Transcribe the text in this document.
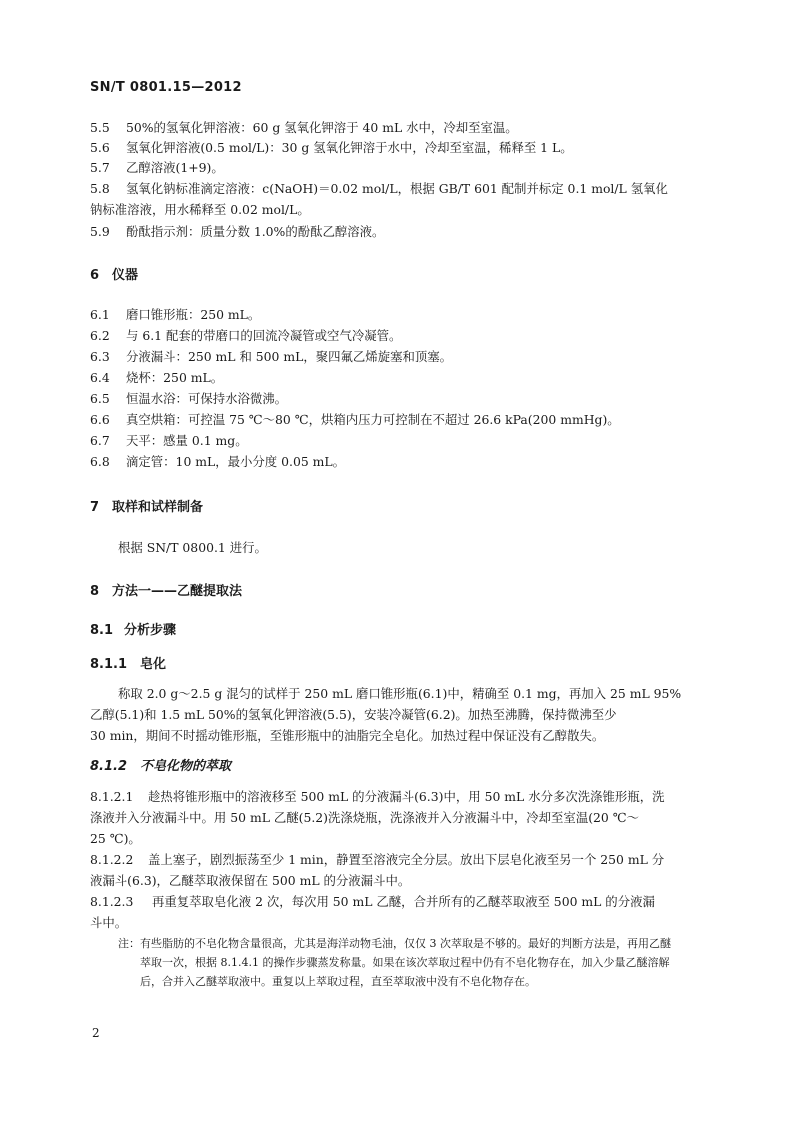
SN/T 0801.15—2012
5.5 50%的氢氧化钾溶液：60 g 氢氧化钾溶于 40 mL 水中，冷却至室温。
5.6 氢氧化钾溶液(0.5 mol/L)：30 g 氢氧化钾溶于水中，冷却至室温，稀释至 1 L。
5.7 乙醇溶液(1+9)。
5.8 氢氧化钠标准滴定溶液：c(NaOH)＝0.02 mol/L，根据 GB/T 601 配制并标定 0.1 mol/L 氢氧化
钠标准溶液，用水稀释至 0.02 mol/L。
5.9 酚酞指示剂：质量分数 1.0%的酚酞乙醇溶液。
6 仪器
6.1 磨口锥形瓶：250 mL。
6.2 与 6.1 配套的带磨口的回流冷凝管或空气冷凝管。
6.3 分液漏斗：250 mL 和 500 mL，聚四氟乙烯旋塞和顶塞。
6.4 烧杯：250 mL。
6.5 恒温水浴：可保持水浴微沸。
6.6 真空烘箱：可控温 75 ℃～80 ℃，烘箱内压力可控制在不超过 26.6 kPa(200 mmHg)。
6.7 天平：感量 0.1 mg。
6.8 滴定管：10 mL，最小分度 0.05 mL。
7 取样和试样制备
根据 SN/T 0800.1 进行。
8 方法一——乙醚提取法
8.1 分析步骤
8.1.1 皂化
称取 2.0 g～2.5 g 混匀的试样于 250 mL 磨口锥形瓶(6.1)中，精确至 0.1 mg，再加入 25 mL 95%
乙醇(5.1)和 1.5 mL 50%的氢氧化钾溶液(5.5)，安装冷凝管(6.2)。加热至沸腾，保持微沸至少
30 min，期间不时摇动锥形瓶，至锥形瓶中的油脂完全皂化。加热过程中保证没有乙醇散失。
8.1.2 不皂化物的萃取
8.1.2.1 趁热将锥形瓶中的溶液移至 500 mL 的分液漏斗(6.3)中，用 50 mL 水分多次洗涤锥形瓶，洗
涤液并入分液漏斗中。用 50 mL 乙醚(5.2)洗涤烧瓶，洗涤液并入分液漏斗中，冷却至室温(20 ℃～
25 ℃)。
8.1.2.2 盖上塞子，剧烈振荡至少 1 min，静置至溶液完全分层。放出下层皂化液至另一个 250 mL 分
液漏斗(6.3)，乙醚萃取液保留在 500 mL 的分液漏斗中。
8.1.2.3 再重复萃取皂化液 2 次，每次用 50 mL 乙醚，合并所有的乙醚萃取液至 500 mL 的分液漏
斗中。
注：有些脂肪的不皂化物含量很高，尤其是海洋动物毛油，仅仅 3 次萃取是不够的。最好的判断方法是，再用乙醚
萃取一次，根据 8.1.4.1 的操作步骤蒸发称量。如果在该次萃取过程中仍有不皂化物存在，加入少量乙醚溶解
后，合并入乙醚萃取液中。重复以上萃取过程，直至萃取液中没有不皂化物存在。
2
